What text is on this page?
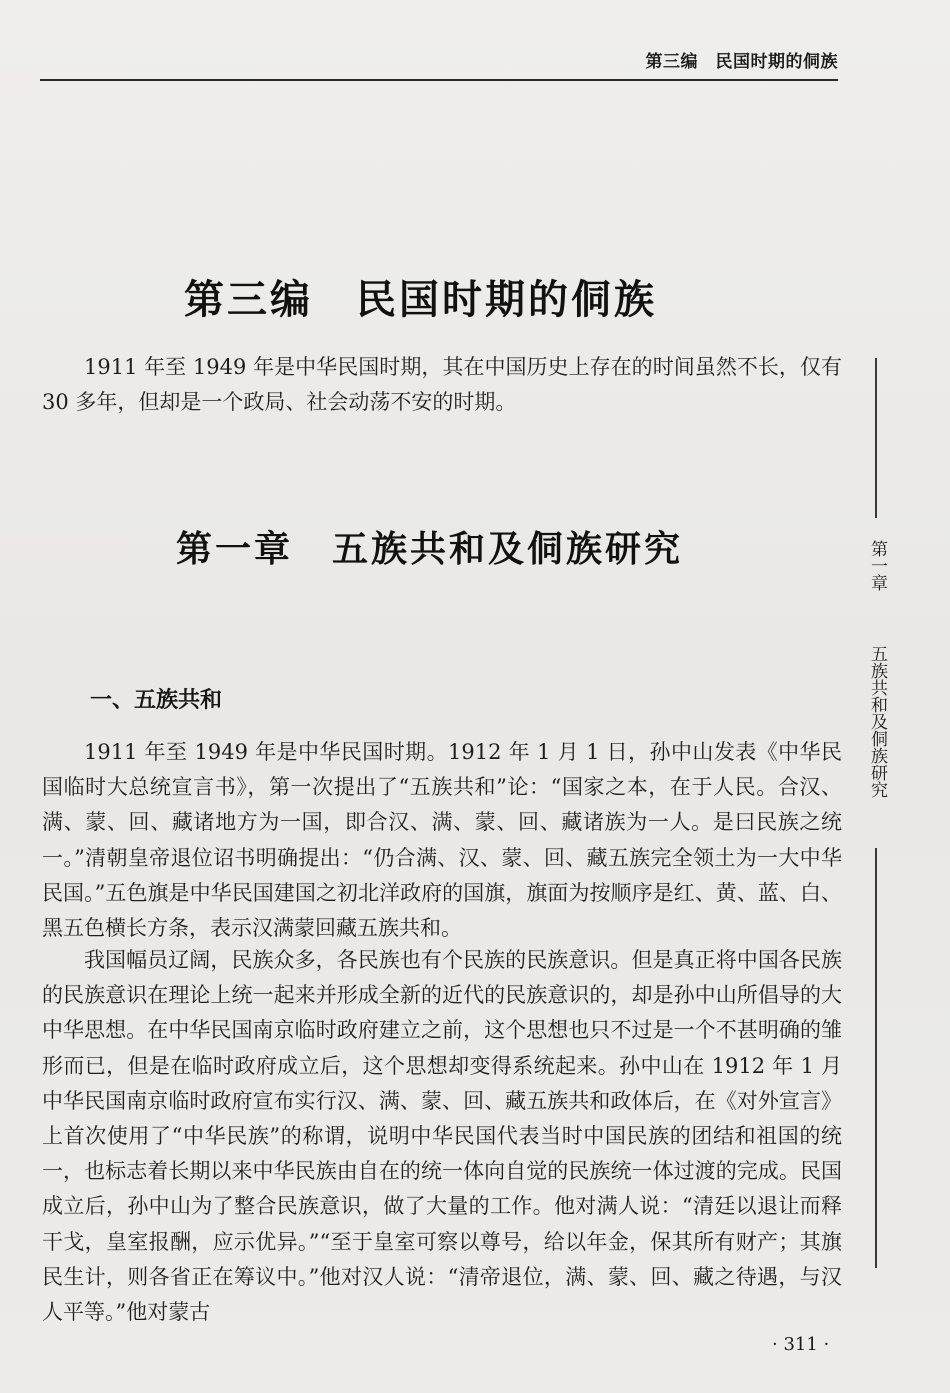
第三编　民国时期的侗族
第三编　民国时期的侗族

1911 年至 1949 年是中华民国时期，其在中国历史上存在的时间虽然不长，仅有 30 多年，但却是一个政局、社会动荡不安的时期。

第一章　五族共和及侗族研究
一、五族共和

1911 年至 1949 年是中华民国时期。1912 年 1 月 1 日，孙中山发表《中华民国临时大总统宣言书》，第一次提出了“五族共和”论：“国家之本，在于人民。合汉、满、蒙、回、藏诸地方为一国，即合汉、满、蒙、回、藏诸族为一人。是曰民族之统一。”清朝皇帝退位诏书明确提出：“仍合满、汉、蒙、回、藏五族完全领土为一大中华民国。”五色旗是中华民国建国之初北洋政府的国旗，旗面为按顺序是红、黄、蓝、白、黑五色横长方条，表示汉满蒙回藏五族共和。

我国幅员辽阔，民族众多，各民族也有个民族的民族意识。但是真正将中国各民族的民族意识在理论上统一起来并形成全新的近代的民族意识的，却是孙中山所倡导的大中华思想。在中华民国南京临时政府建立之前，这个思想也只不过是一个不甚明确的雏形而已，但是在临时政府成立后，这个思想却变得系统起来。孙中山在 1912 年 1 月中华民国南京临时政府宣布实行汉、满、蒙、回、藏五族共和政体后，在《对外宣言》上首次使用了“中华民族”的称谓，说明中华民国代表当时中国民族的团结和祖国的统一，也标志着长期以来中华民族由自在的统一体向自觉的民族统一体过渡的完成。民国成立后，孙中山为了整合民族意识，做了大量的工作。他对满人说：“清廷以退让而释干戈，皇室报酬，应示优异。”“至于皇室可察以尊号，给以年金，保其所有财产；其旗民生计，则各省正在筹议中。”他对汉人说：“清帝退位，满、蒙、回、藏之待遇，与汉人平等。”他对蒙古

第一章
五族共和及侗族研究
· 311 ·
